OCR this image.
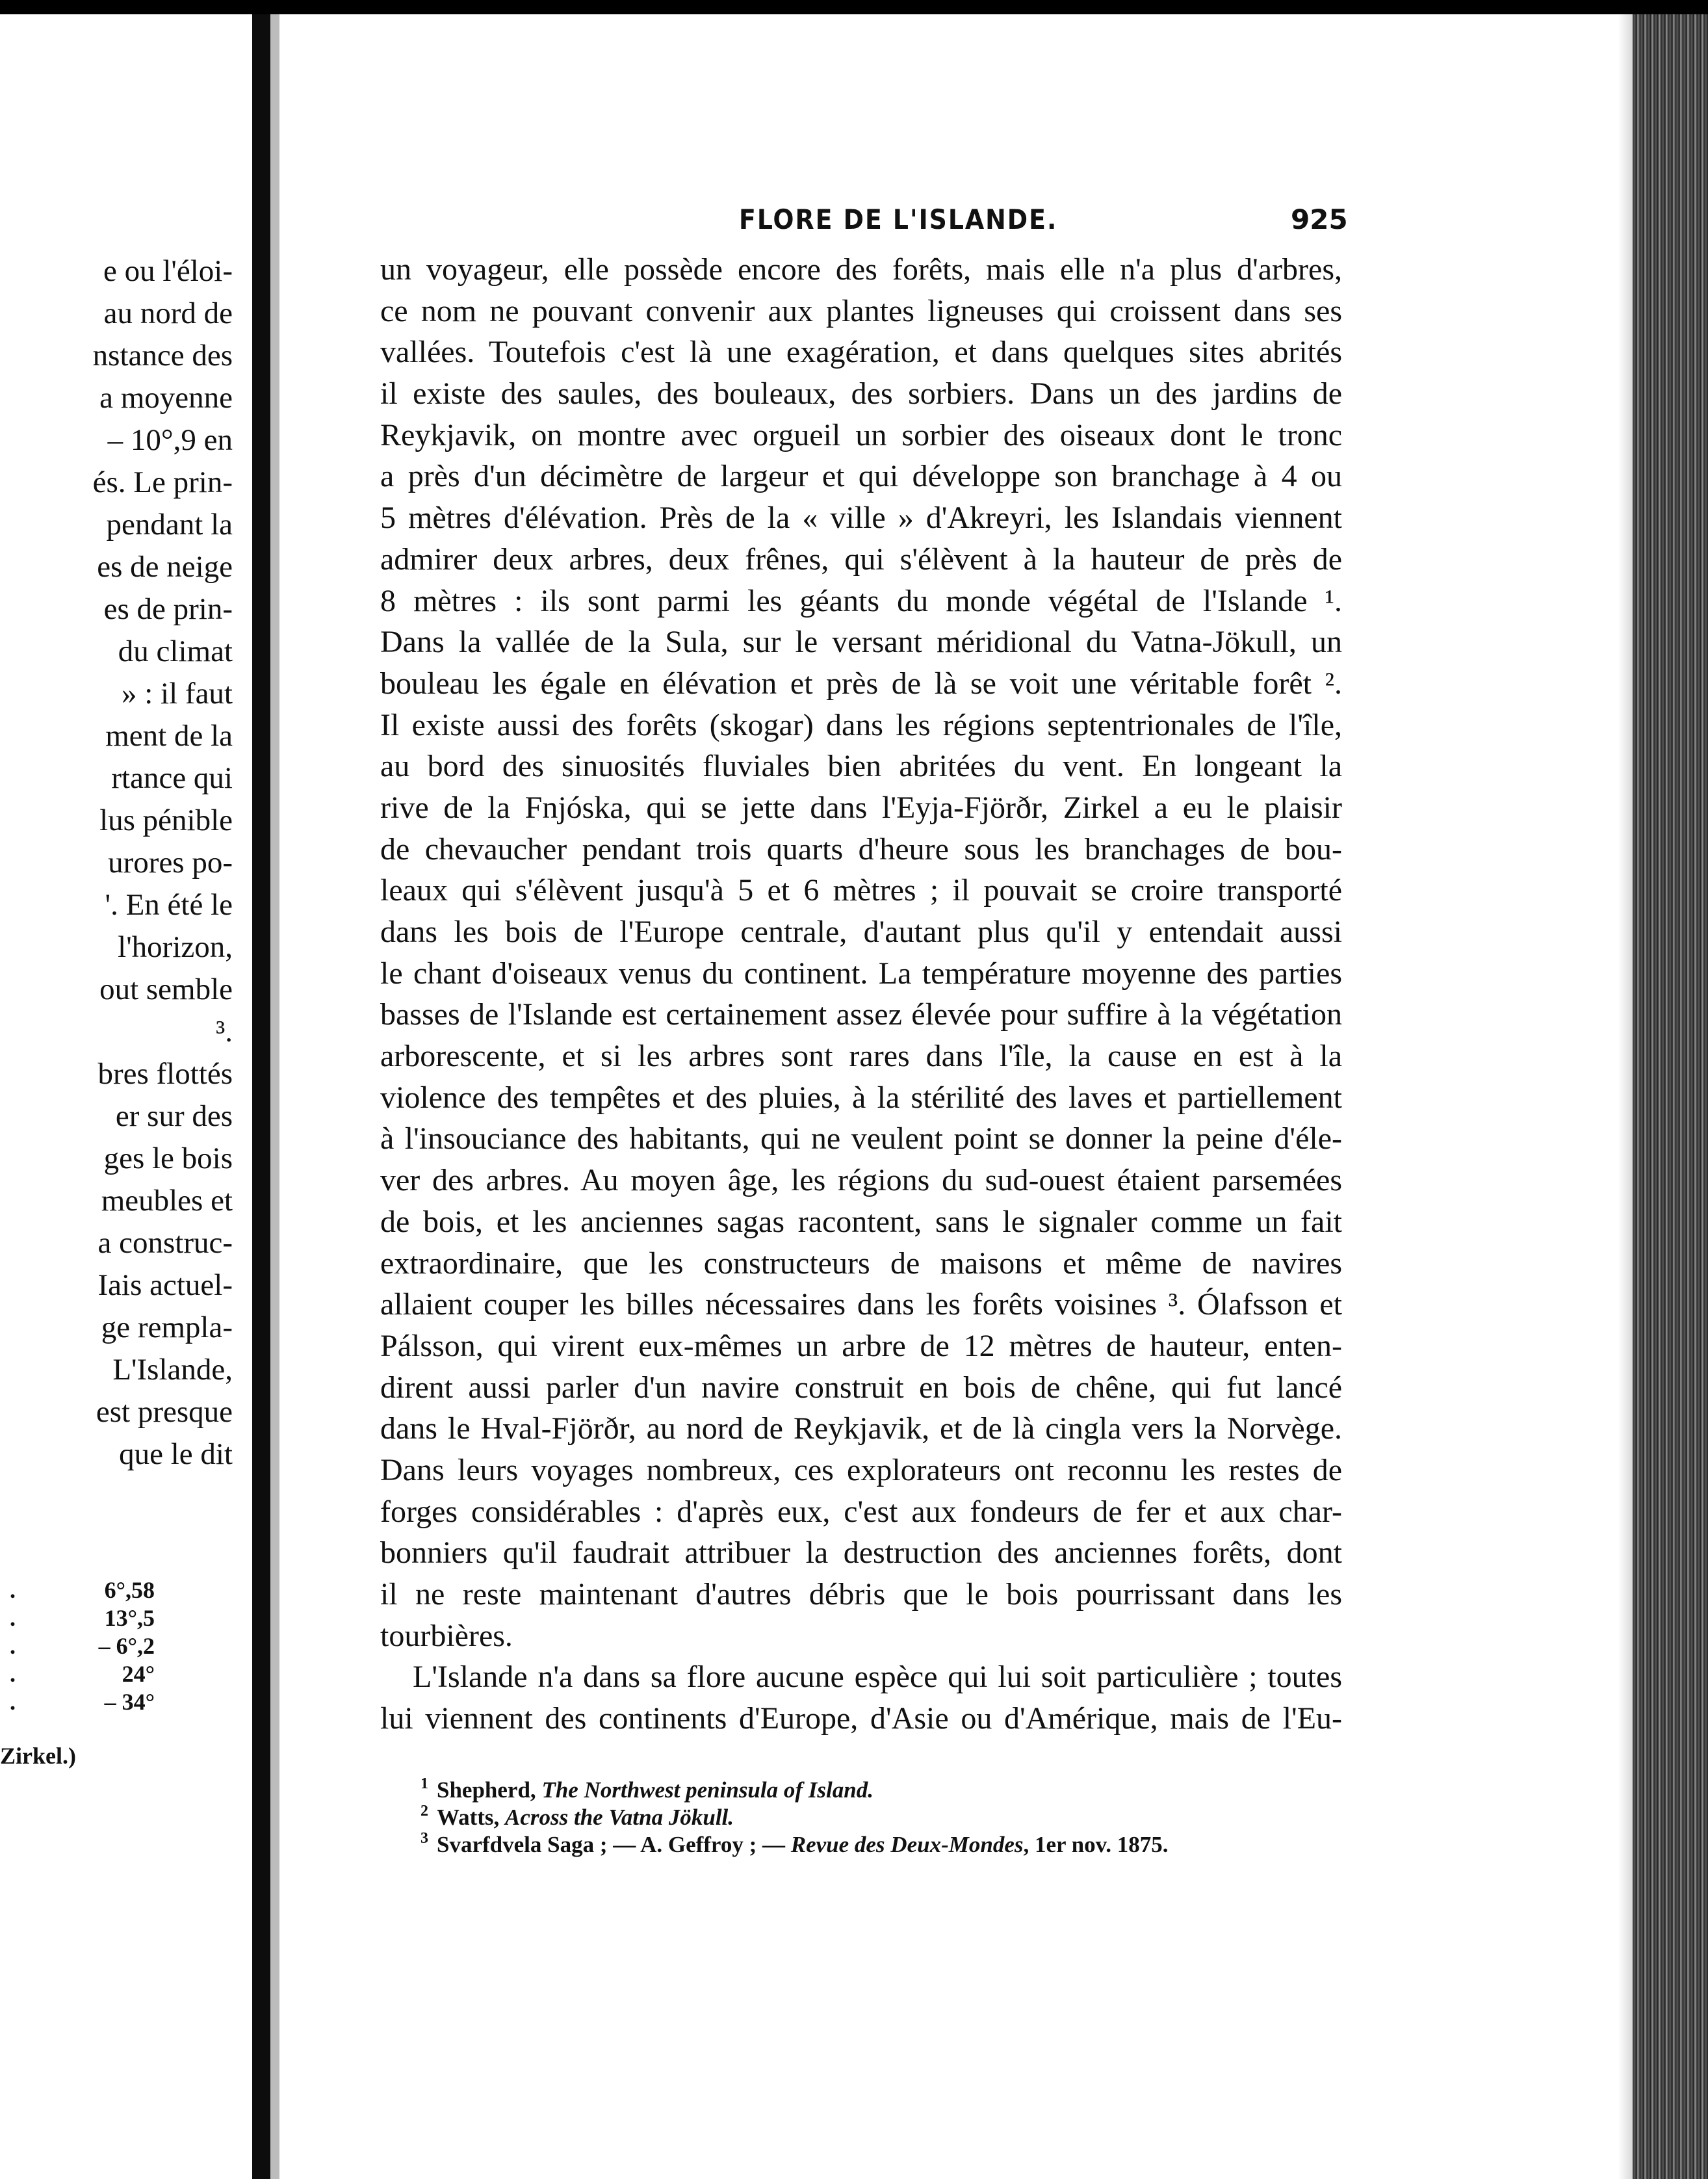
e ou l'éloi-
au nord de
nstance des
a moyenne
– 10°,9 en
és. Le prin-
pendant la
es de neige
es de prin-
du climat
» : il faut
ment de la
rtance qui
lus pénible
urores po-
'. En été le
l'horizon,
out semble
³.
bres flottés
er sur des
ges le bois
meubles et
a construc-
Iais actuel-
ge rempla-
L'Islande,
est presque
que le dit
.	6°,58
.	13°,5
.	– 6°,2
.	24°
.	– 34°
Zirkel.)
FLORE DE L'ISLANDE.	925
un voyageur, elle possède encore des forêts, mais elle n'a plus d'arbres,
ce nom ne pouvant convenir aux plantes ligneuses qui croissent dans ses
vallées. Toutefois c'est là une exagération, et dans quelques sites abrités
il existe des saules, des bouleaux, des sorbiers. Dans un des jardins de
Reykjavik, on montre avec orgueil un sorbier des oiseaux dont le tronc
a près d'un décimètre de largeur et qui développe son branchage à 4 ou
5 mètres d'élévation. Près de la « ville » d'Akreyri, les Islandais viennent
admirer deux arbres, deux frênes, qui s'élèvent à la hauteur de près de
8 mètres : ils sont parmi les géants du monde végétal de l'Islande ¹.
Dans la vallée de la Sula, sur le versant méridional du Vatna-Jökull, un
bouleau les égale en élévation et près de là se voit une véritable forêt ².
Il existe aussi des forêts (skogar) dans les régions septentrionales de l'île,
au bord des sinuosités fluviales bien abritées du vent. En longeant la
rive de la Fnjóska, qui se jette dans l'Eyja-Fjörðr, Zirkel a eu le plaisir
de chevaucher pendant trois quarts d'heure sous les branchages de bou-
leaux qui s'élèvent jusqu'à 5 et 6 mètres ; il pouvait se croire transporté
dans les bois de l'Europe centrale, d'autant plus qu'il y entendait aussi
le chant d'oiseaux venus du continent. La température moyenne des parties
basses de l'Islande est certainement assez élevée pour suffire à la végétation
arborescente, et si les arbres sont rares dans l'île, la cause en est à la
violence des tempêtes et des pluies, à la stérilité des laves et partiellement
à l'insouciance des habitants, qui ne veulent point se donner la peine d'éle-
ver des arbres. Au moyen âge, les régions du sud-ouest étaient parsemées
de bois, et les anciennes sagas racontent, sans le signaler comme un fait
extraordinaire, que les constructeurs de maisons et même de navires
allaient couper les billes nécessaires dans les forêts voisines ³. Ólafsson et
Pálsson, qui virent eux-mêmes un arbre de 12 mètres de hauteur, enten-
dirent aussi parler d'un navire construit en bois de chêne, qui fut lancé
dans le Hval-Fjörðr, au nord de Reykjavik, et de là cingla vers la Norvège.
Dans leurs voyages nombreux, ces explorateurs ont reconnu les restes de
forges considérables : d'après eux, c'est aux fondeurs de fer et aux char-
bonniers qu'il faudrait attribuer la destruction des anciennes forêts, dont
il ne reste maintenant d'autres débris que le bois pourrissant dans les
tourbières.
L'Islande n'a dans sa flore aucune espèce qui lui soit particulière ; toutes
lui viennent des continents d'Europe, d'Asie ou d'Amérique, mais de l'Eu-
1 Shepherd, The Northwest peninsula of Island.
2 Watts, Across the Vatna Jökull.
3 Svarfdvela Saga ; — A. Geffroy ; — Revue des Deux-Mondes, 1er nov. 1875.
